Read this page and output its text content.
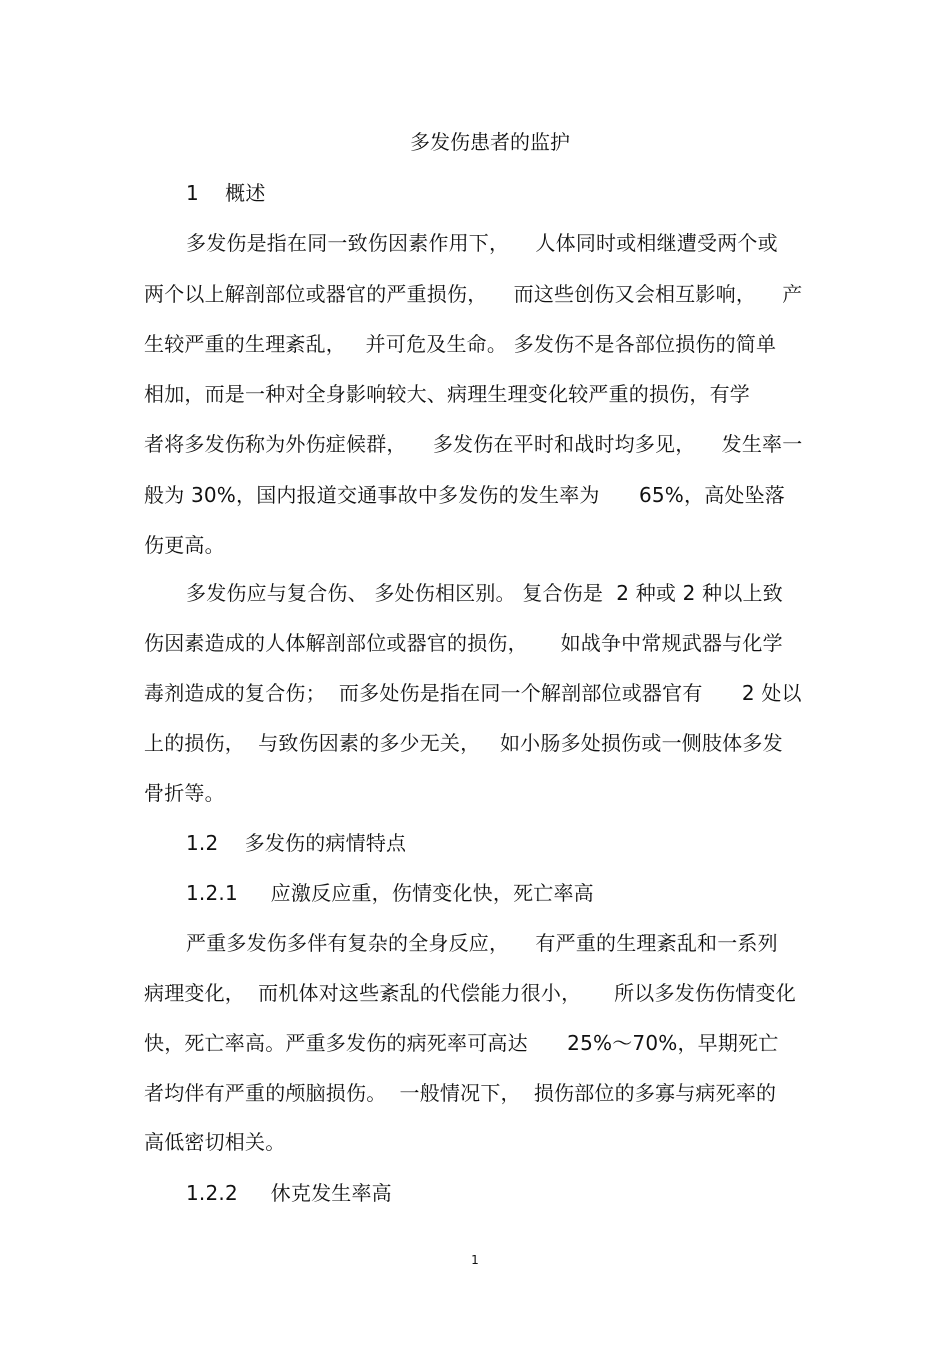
多发伤患者的监护
1    概述
多发伤是指在同一致伤因素作用下，    人体同时或相继遭受两个或
两个以上解剖部位或器官的严重损伤，    而这些创伤又会相互影响，    产
生较严重的生理紊乱，   并可危及生命。 多发伤不是各部位损伤的简单
相加，而是一种对全身影响较大、病理生理变化较严重的损伤，有学
者将多发伤称为外伤症候群，    多发伤在平时和战时均多见，    发生率一
般为 30%，国内报道交通事故中多发伤的发生率为      65%，高处坠落
伤更高。
多发伤应与复合伤、 多处伤相区别。 复合伤是  2 种或 2 种以上致
伤因素造成的人体解剖部位或器官的损伤，     如战争中常规武器与化学
毒剂造成的复合伤；  而多处伤是指在同一个解剖部位或器官有      2 处以
上的损伤，  与致伤因素的多少无关，   如小肠多处损伤或一侧肢体多发
骨折等。
1.2    多发伤的病情特点
1.2.1     应激反应重，伤情变化快，死亡率高
严重多发伤多伴有复杂的全身反应，    有严重的生理紊乱和一系列
病理变化，  而机体对这些紊乱的代偿能力很小，     所以多发伤伤情变化
快，死亡率高。严重多发伤的病死率可高达      25%～70%，早期死亡
者均伴有严重的颅脑损伤。  一般情况下，  损伤部位的多寡与病死率的
高低密切相关。
1.2.2     休克发生率高
1
